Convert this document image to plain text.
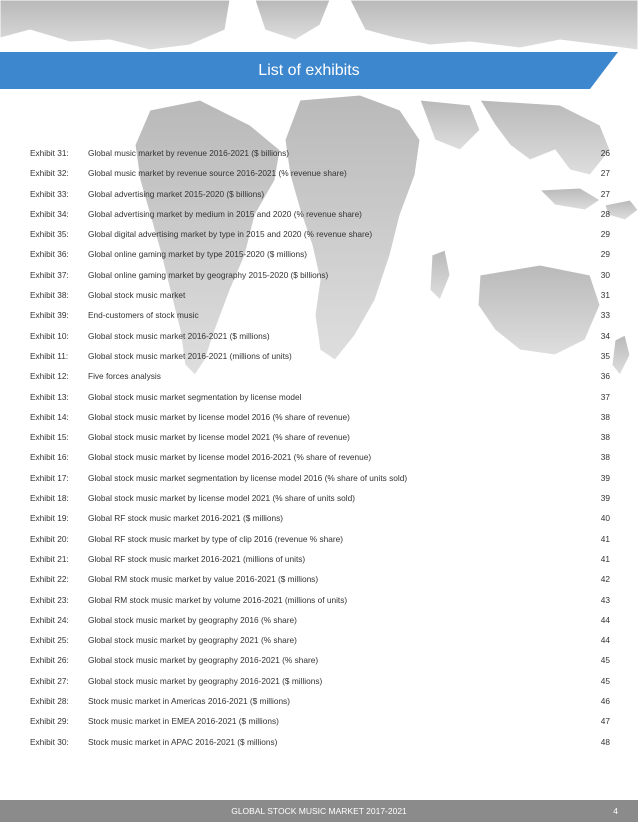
List of exhibits
Exhibit 31: Global music market by revenue 2016-2021 ($ billions)	26
Exhibit 32: Global music market by revenue source 2016-2021 (% revenue share)	27
Exhibit 33: Global advertising market 2015-2020 ($ billions)	27
Exhibit 34: Global advertising market by medium in 2015 and 2020 (% revenue share)	28
Exhibit 35: Global digital advertising market by type in 2015 and 2020 (% revenue share)	29
Exhibit 36: Global online gaming market by type 2015-2020 ($ millions)	29
Exhibit 37: Global online gaming market by geography 2015-2020 ($ billions)	30
Exhibit 38: Global stock music market	31
Exhibit 39: End-customers of stock music	33
Exhibit 10: Global stock music market 2016-2021 ($ millions)	34
Exhibit 11: Global stock music market 2016-2021 (millions of units)	35
Exhibit 12: Five forces analysis	36
Exhibit 13: Global stock music market segmentation by license model	37
Exhibit 14: Global stock music market by license model 2016 (% share of revenue)	38
Exhibit 15: Global stock music market by license model 2021 (% share of revenue)	38
Exhibit 16: Global stock music market by license model 2016-2021 (% share of revenue)	38
Exhibit 17: Global stock music market segmentation by license model 2016 (% share of units sold)	39
Exhibit 18: Global stock music market by license model 2021 (% share of units sold)	39
Exhibit 19: Global RF stock music market 2016-2021 ($ millions)	40
Exhibit 20: Global RF stock music market by type of clip 2016 (revenue % share)	41
Exhibit 21: Global RF stock music market 2016-2021 (millions of units)	41
Exhibit 22: Global RM stock music market by value 2016-2021 ($ millions)	42
Exhibit 23: Global RM stock music market by volume 2016-2021 (millions of units)	43
Exhibit 24: Global stock music market by geography 2016 (% share)	44
Exhibit 25: Global stock music market by geography 2021 (% share)	44
Exhibit 26: Global stock music market by geography 2016-2021 (% share)	45
Exhibit 27: Global stock music market by geography 2016-2021 ($ millions)	45
Exhibit 28: Stock music market in Americas 2016-2021 ($ millions)	46
Exhibit 29: Stock music market in EMEA 2016-2021 ($ millions)	47
Exhibit 30: Stock music market in APAC 2016-2021 ($ millions)	48
GLOBAL STOCK MUSIC MARKET 2017-2021	4
